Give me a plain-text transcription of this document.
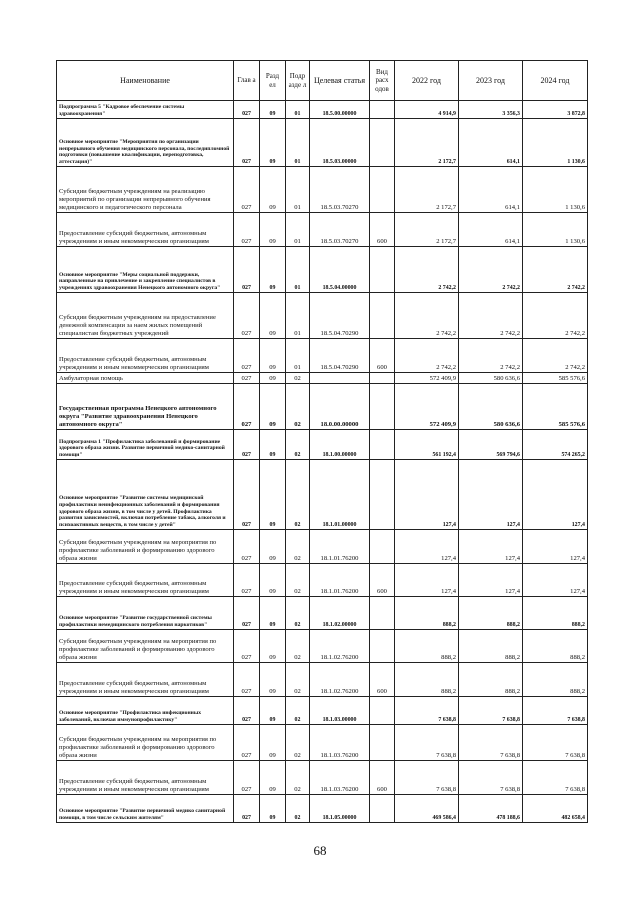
Наименование	Глав а	Разд ел	Подр азде л	Целевая статья	Вид расх одов	2022 год	2023 год	2024 год
Подпрограмма 5 "Кадровое обеспечение системы здравоохранения"	027	09	01	18.5.00.00000		4 914,9	3 356,3	3 872,8
Основное мероприятие "Мероприятия по организации непрерывного обучения медицинского персонала, последипломной подготовки (повышение квалификации, переподготовка, аттестация)"	027	09	01	18.5.03.00000		2 172,7	614,1	1 130,6
Субсидии бюджетным учреждениям на реализацию мероприятий по организации непрерывного обучения медицинского и педагогического персонала	027	09	01	18.5.03.70270		2 172,7	614,1	1 130,6
Предоставление субсидий бюджетным, автономным учреждениям и иным некоммерческим организациям	027	09	01	18.5.03.70270	600	2 172,7	614,1	1 130,6
Основное мероприятие "Меры социальной поддержки, направленные на привлечение и закрепление специалистов в учреждениях здравоохранения Ненецкого автономного округа"	027	09	01	18.5.04.00000		2 742,2	2 742,2	2 742,2
Субсидии бюджетным учреждениям на предоставление денежной компенсации за наем жилых помещений специалистам бюджетных учреждений	027	09	01	18.5.04.70290		2 742,2	2 742,2	2 742,2
Предоставление субсидий бюджетным, автономным учреждениям и иным некоммерческим организациям	027	09	01	18.5.04.70290	600	2 742,2	2 742,2	2 742,2
Амбулаторная помощь	027	09	02			572 409,9	580 636,6	585 576,6
Государственная программа Ненецкого автономного округа "Развитие здравоохранения Ненецкого автономного округа"	027	09	02	18.0.00.00000		572 409,9	580 636,6	585 576,6
Подпрограмма 1 "Профилактика заболеваний и формирование здорового образа жизни. Развитие первичной медико-санитарной помощи"	027	09	02	18.1.00.00000		561 192,4	569 794,6	574 265,2
Основное мероприятие "Развитие системы медицинской профилактики неинфекционных заболеваний и формирования здорового образа жизни, в том числе у детей. Профилактика развития зависимостей, включая потребление табака, алкоголя и психоактивных веществ, в том числе у детей"	027	09	02	18.1.01.00000		127,4	127,4	127,4
Субсидии бюджетным учреждениям на мероприятия по профилактике заболеваний и формированию здорового образа жизни	027	09	02	18.1.01.76200		127,4	127,4	127,4
Предоставление субсидий бюджетным, автономным учреждениям и иным некоммерческим организациям	027	09	02	18.1.01.76200	600	127,4	127,4	127,4
Основное мероприятие "Развитие государственной системы профилактики немедицинского потребления наркотиков"	027	09	02	18.1.02.00000		888,2	888,2	888,2
Субсидии бюджетным учреждениям на мероприятия по профилактике заболеваний и формированию здорового образа жизни	027	09	02	18.1.02.76200		888,2	888,2	888,2
Предоставление субсидий бюджетным, автономным учреждениям и иным некоммерческим организациям	027	09	02	18.1.02.76200	600	888,2	888,2	888,2
Основное мероприятие "Профилактика инфекционных заболеваний, включая иммунопрофилактику"	027	09	02	18.1.03.00000		7 638,8	7 638,8	7 638,8
Субсидии бюджетным учреждениям на мероприятия по профилактике заболеваний и формированию здорового образа жизни	027	09	02	18.1.03.76200		7 638,8	7 638,8	7 638,8
Предоставление субсидий бюджетным, автономным учреждениям и иным некоммерческим организациям	027	09	02	18.1.03.76200	600	7 638,8	7 638,8	7 638,8
Основное мероприятие "Развитие первичной медико санитарной помощи, в том числе сельским жителям"	027	09	02	18.1.05.00000		469 586,4	478 188,6	482 658,4
68
